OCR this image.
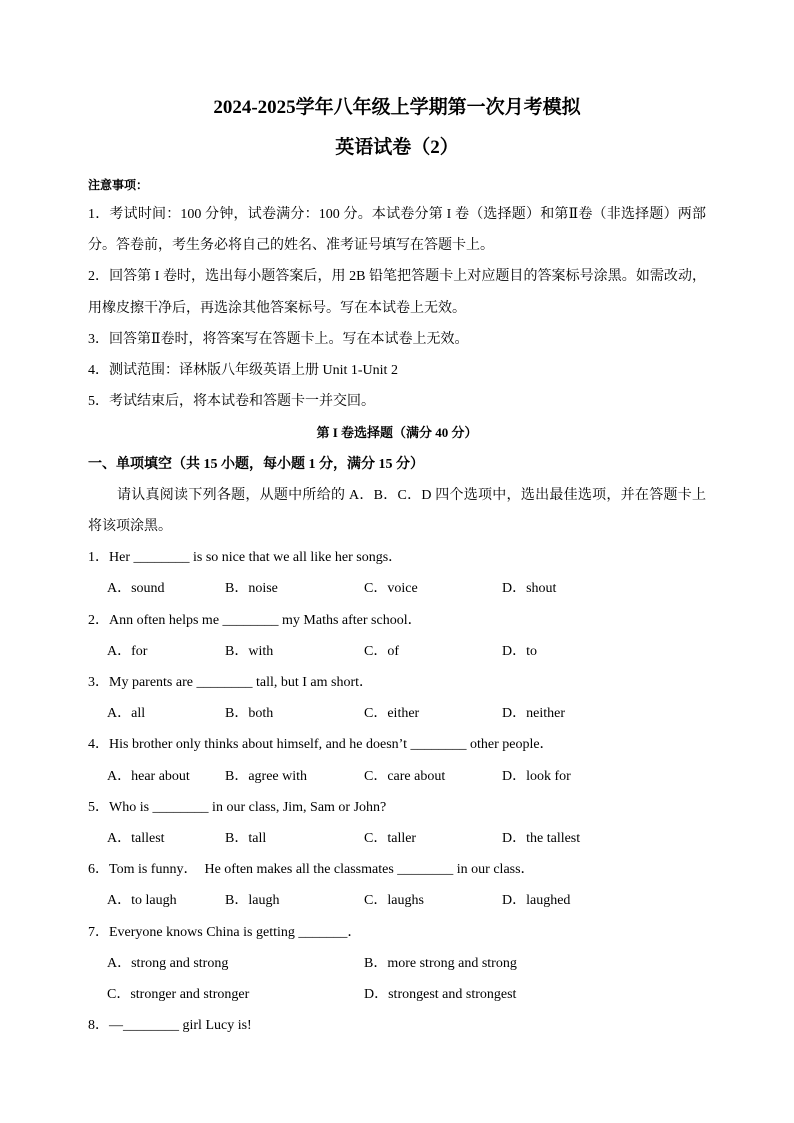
2024-2025学年八年级上学期第一次月考模拟
英语试卷（2）
注意事项：
1．考试时间：100 分钟，试卷满分：100 分。本试卷分第 I 卷（选择题）和第Ⅱ卷（非选择题）两部分。答卷前，考生务必将自己的姓名、准考证号填写在答题卡上。
2．回答第 I 卷时，选出每小题答案后，用 2B 铅笔把答题卡上对应题目的答案标号涂黑。如需改动，用橡皮擦干净后，再选涂其他答案标号。写在本试卷上无效。
3．回答第Ⅱ卷时，将答案写在答题卡上。写在本试卷上无效。
4．测试范围：译林版八年级英语上册 Unit 1-Unit 2
5．考试结束后，将本试卷和答题卡一并交回。
第 I 卷选择题（满分 40 分）
一、单项填空（共 15 小题，每小题 1 分，满分 15 分）
请认真阅读下列各题，从题中所给的 A．B．C．D 四个选项中，选出最佳选项，并在答题卡上将该项涂黑。
1．Her ________ is so nice that we all like her songs．
A．sound	B．noise	C．voice	D．shout
2．Ann often helps me ________ my Maths after school．
A．for	B．with	C．of	D．to
3．My parents are ________ tall, but I am short．
A．all	B．both	C．either	D．neither
4．His brother only thinks about himself, and he doesn’t ________ other people．
A．hear about	B．agree with	C．care about	D．look for
5．Who is ________ in our class, Jim, Sam or John?
A．tallest	B．tall	C．taller	D．the tallest
6．Tom is funny．  He often makes all the classmates ________ in our class．
A．to laugh	B．laugh	C．laughs	D．laughed
7．Everyone knows China is getting _______．
A．strong and strong	B．more strong and strong
C．stronger and stronger	D．strongest and strongest
8．—________ girl Lucy is!
